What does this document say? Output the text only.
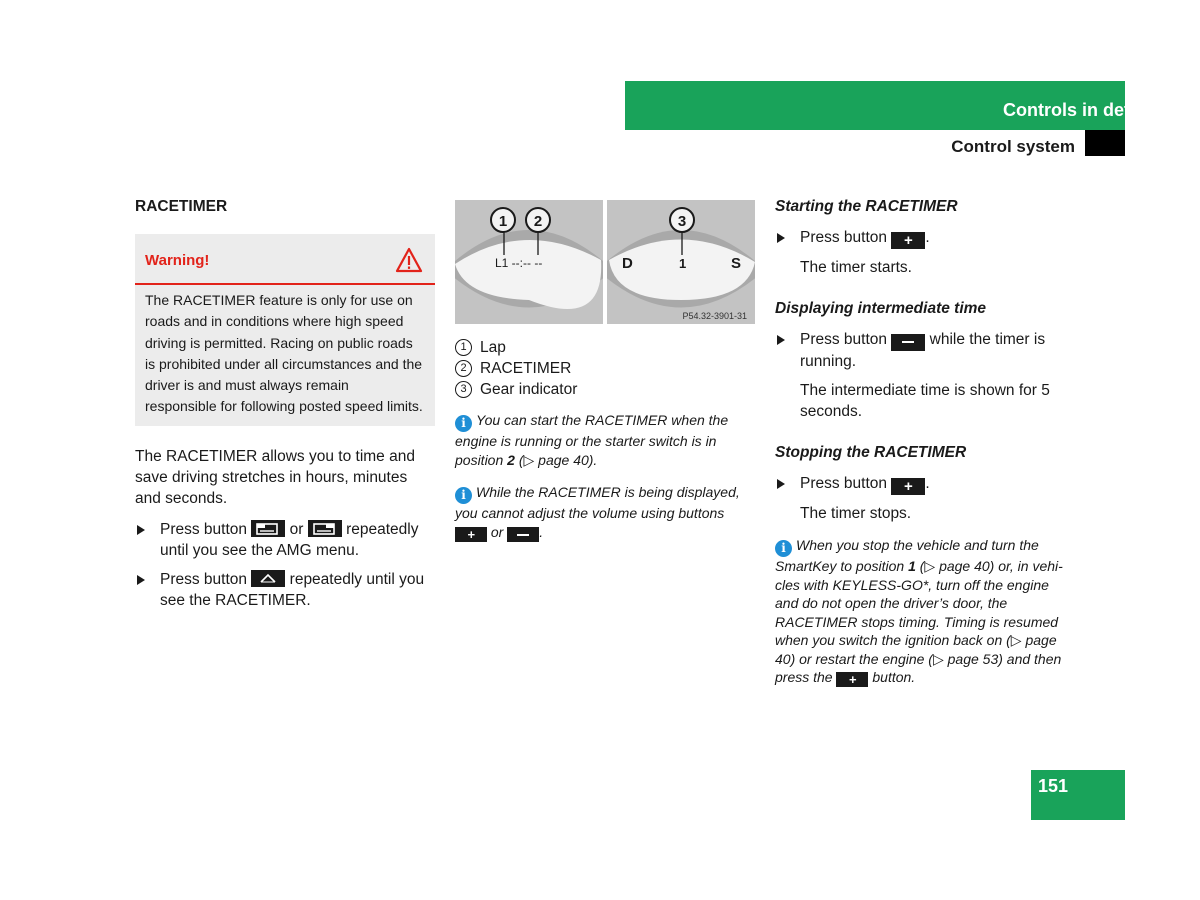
Controls in detail
Control system
RACETIMER
Warning!
The RACETIMER feature is only for use on roads and in conditions where high speed driving is permitted. Racing on public roads is prohibited under all circumstances and the driver is and must always remain responsible for following posted speed limits.

The RACETIMER allows you to time and save driving stretches in hours, minutes and seconds.

Press button	or	repeatedly until you see the AMG menu.
Press button	repeatedly until you see the RACETIMER.
L1 --:-- --
1 2
D	1	S
3
P54.32-3901-31
1 Lap
2 RACETIMER
3 Gear indicator

i You can start the RACETIMER when the engine is running or the starter switch is in position 2 (▷ page 40).

i While the RACETIMER is being displayed, you cannot adjust the volume using buttons + or	.

Starting the RACETIMER
Press button + .
The timer starts.
Displaying intermediate time
Press button	while the timer is running.
The intermediate time is shown for 5 seconds.
Stopping the RACETIMER
Press button + .
The timer stops.

i When you stop the vehicle and turn the SmartKey to position 1 (▷ page 40) or, in vehi-cles with KEYLESS-GO*, turn off the engine and do not open the driver’s door, the RACETIMER stops timing. Timing is resumed when you switch the ignition back on (▷ page 40) or restart the engine (▷ page 53) and then press the + button.

151
